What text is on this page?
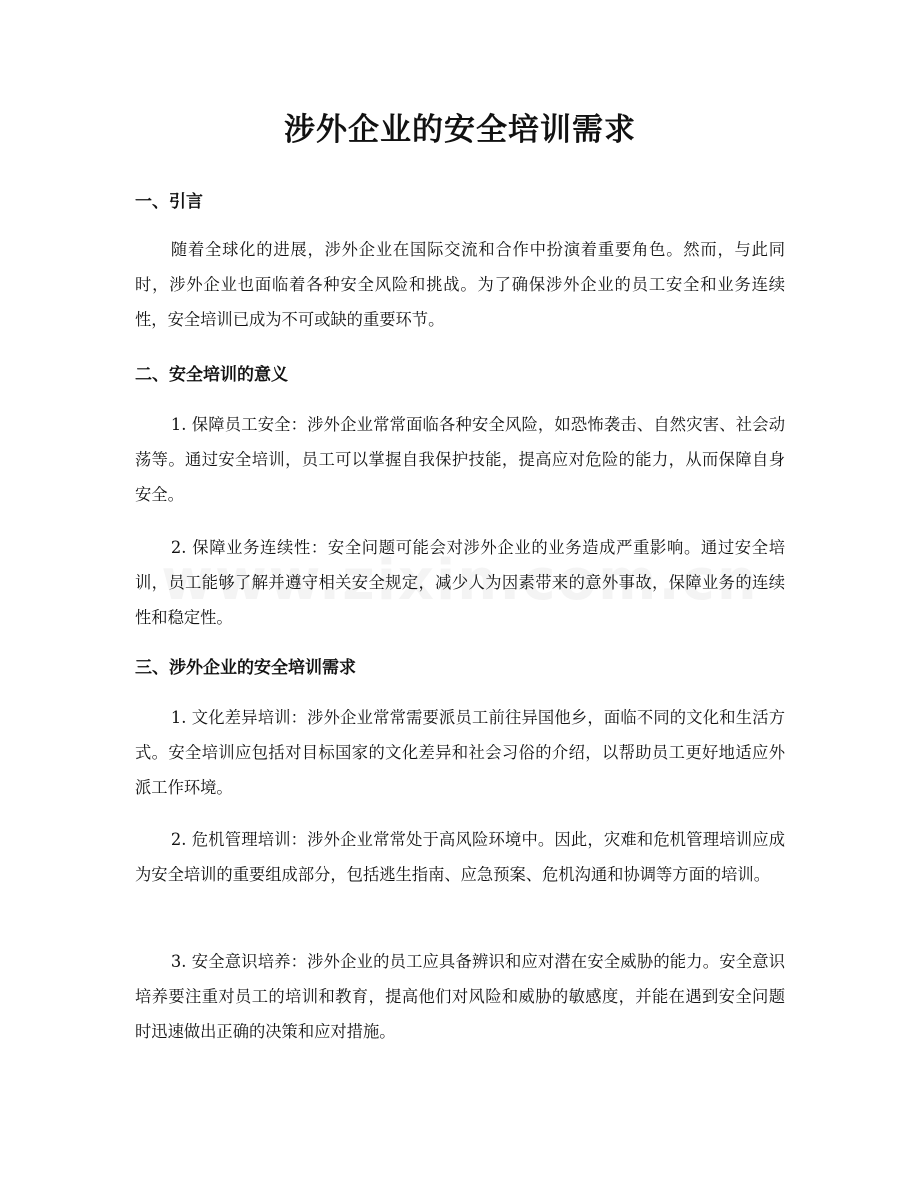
涉外企业的安全培训需求
一、引言

随着全球化的进展，涉外企业在国际交流和合作中扮演着重要角色。然而，与此同时，涉外企业也面临着各种安全风险和挑战。为了确保涉外企业的员工安全和业务连续性，安全培训已成为不可或缺的重要环节。

二、安全培训的意义

1. 保障员工安全：涉外企业常常面临各种安全风险，如恐怖袭击、自然灾害、社会动荡等。通过安全培训，员工可以掌握自我保护技能，提高应对危险的能力，从而保障自身安全。

2. 保障业务连续性：安全问题可能会对涉外企业的业务造成严重影响。通过安全培训，员工能够了解并遵守相关安全规定，减少人为因素带来的意外事故，保障业务的连续性和稳定性。

三、涉外企业的安全培训需求

1. 文化差异培训：涉外企业常常需要派员工前往异国他乡，面临不同的文化和生活方式。安全培训应包括对目标国家的文化差异和社会习俗的介绍，以帮助员工更好地适应外派工作环境。

2. 危机管理培训：涉外企业常常处于高风险环境中。因此，灾难和危机管理培训应成为安全培训的重要组成部分，包括逃生指南、应急预案、危机沟通和协调等方面的培训。

3. 安全意识培养：涉外企业的员工应具备辨识和应对潜在安全威胁的能力。安全意识培养要注重对员工的培训和教育，提高他们对风险和威胁的敏感度，并能在遇到安全问题时迅速做出正确的决策和应对措施。
